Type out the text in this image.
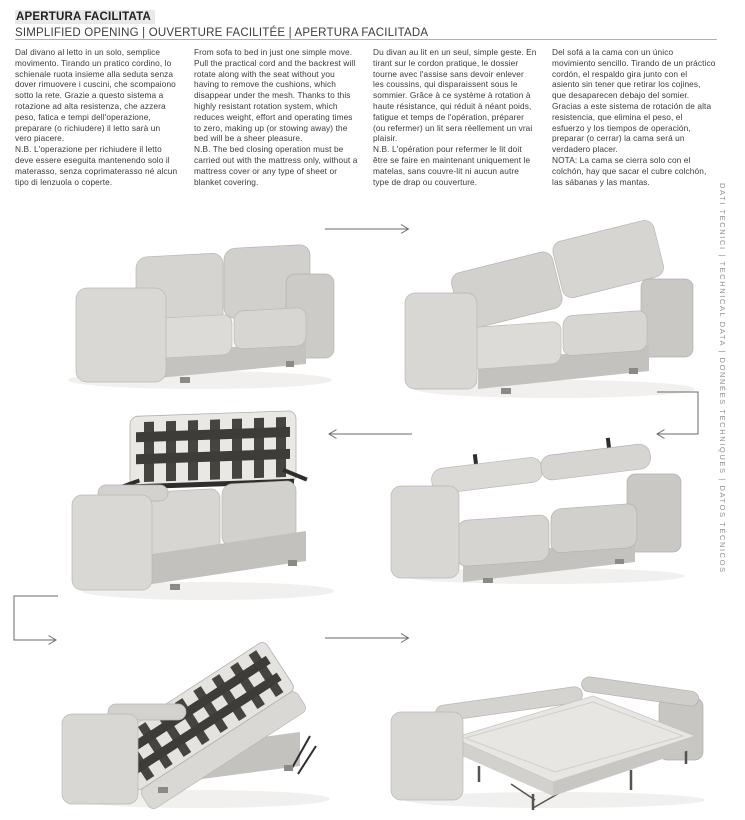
APERTURA FACILITATA
SIMPLIFIED OPENING | OUVERTURE FACILITÉE | APERTURA FACILITADA

Dal divano al letto in un solo, semplice movimento. Tirando un pratico cordino, lo schienale ruota insieme alla seduta senza dover rimuovere i cuscini, che scompaiono sotto la rete. Grazie a questo sistema a rotazione ad alta resistenza, che azzera peso, fatica e tempi dell'operazione, preparare (o richiudere) il letto sarà un vero piacere.

N.B. L'operazione per richiudere il letto deve essere eseguita mantenendo solo il materasso, senza coprimaterasso né alcun tipo di lenzuola o coperte.

From sofa to bed in just one simple move. Pull the practical cord and the backrest will rotate along with the seat without you having to remove the cushions, which disappear under the mesh. Thanks to this highly resistant rotation system, which reduces weight, effort and operating times to zero, making up (or stowing away) the bed will be a sheer pleasure.

N.B. The bed closing operation must be carried out with the mattress only, without a mattress cover or any type of sheet or blanket covering.

Du divan au lit en un seul, simple geste. En tirant sur le cordon pratique, le dossier tourne avec l'assise sans devoir enlever les coussins, qui disparaissent sous le sommier. Grâce à ce système à rotation à haute résistance, qui réduit à néant poids, fatigue et temps de l'opération, préparer (ou refermer) un lit sera réellement un vrai plaisir.

N.B. L'opération pour refermer le lit doit être se faire en maintenant uniquement le matelas, sans couvre-lit ni aucun autre type de drap ou couverture.

Del sofá a la cama con un único movimiento sencillo. Tirando de un práctico cordón, el respaldo gira junto con el asiento sin tener que retirar los cojines, que desaparecen debajo del somier. Gracias a este sistema de rotación de alta resistencia, que elimina el peso, el esfuerzo y los tiempos de operación, preparar (o cerrar) la cama será un verdadero placer.

NOTA: La cama se cierra solo con el colchón, hay que sacar el cubre colchón, las sábanas y las mantas.

DATI TECNICI | TECHNICAL DATA | DONNÉES TECHNIQUES | DATOS TÉCNICOS
